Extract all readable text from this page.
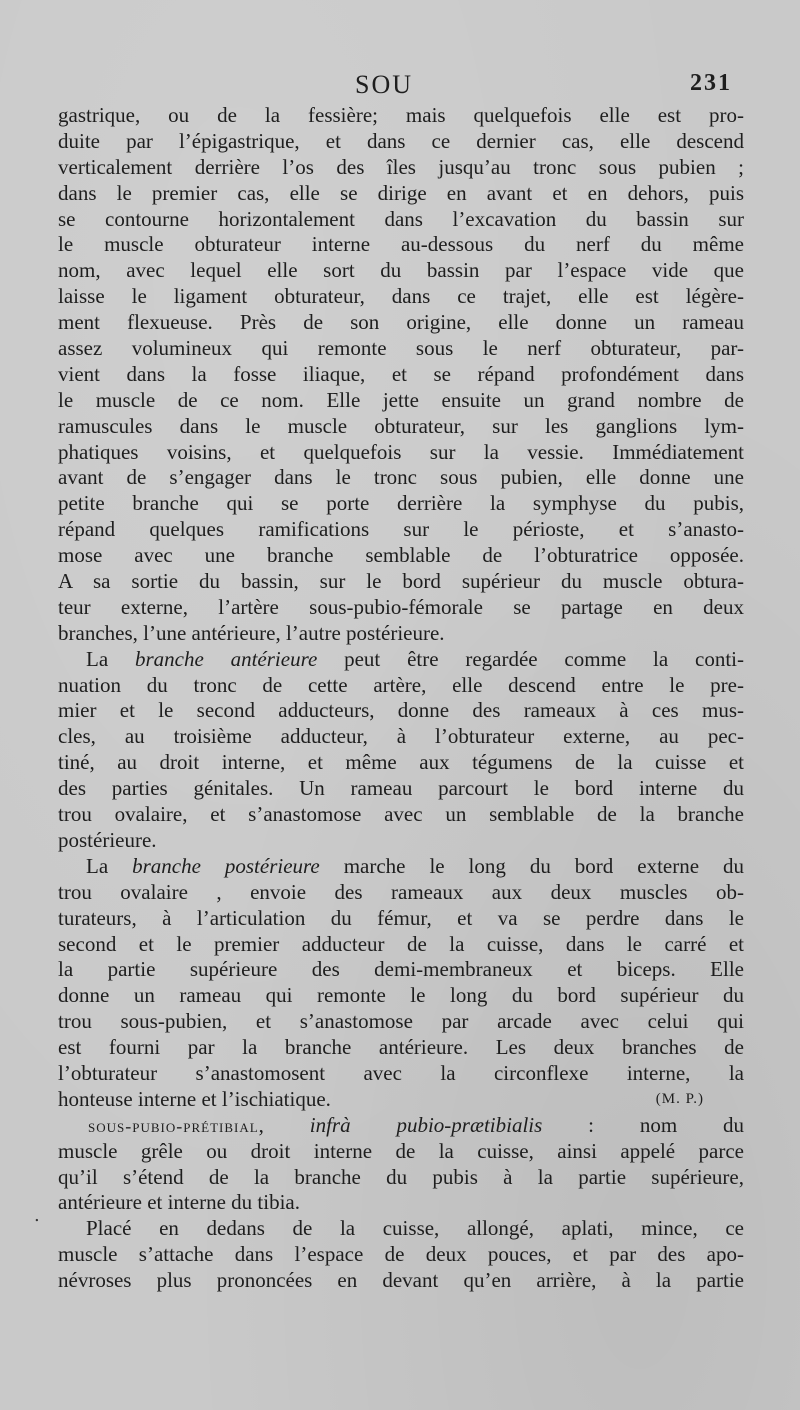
SOU	231
gastrique, ou de la fessière; mais quelquefois elle est pro-
duite par l’épigastrique, et dans ce dernier cas, elle descend
verticalement derrière l’os des îles jusqu’au tronc sous pubien ;
dans le premier cas, elle se dirige en avant et en dehors, puis
se contourne horizontalement dans l’excavation du bassin sur
le muscle obturateur interne au-dessous du nerf du même
nom, avec lequel elle sort du bassin par l’espace vide que
laisse le ligament obturateur, dans ce trajet, elle est légère-
ment flexueuse. Près de son origine, elle donne un rameau
assez volumineux qui remonte sous le nerf obturateur, par-
vient dans la fosse iliaque, et se répand profondément dans
le muscle de ce nom. Elle jette ensuite un grand nombre de
ramuscules dans le muscle obturateur, sur les ganglions lym-
phatiques voisins, et quelquefois sur la vessie. Immédiatement
avant de s’engager dans le tronc sous pubien, elle donne une
petite branche qui se porte derrière la symphyse du pubis,
répand quelques ramifications sur le périoste, et s’anasto-
mose avec une branche semblable de l’obturatrice opposée.
A sa sortie du bassin, sur le bord supérieur du muscle obtura-
teur externe, l’artère sous-pubio-fémorale se partage en deux
branches, l’une antérieure, l’autre postérieure.
La branche antérieure peut être regardée comme la conti-
nuation du tronc de cette artère, elle descend entre le pre-
mier et le second adducteurs, donne des rameaux à ces mus-
cles, au troisième adducteur, à l’obturateur externe, au pec-
tiné, au droit interne, et même aux tégumens de la cuisse et
des parties génitales. Un rameau parcourt le bord interne du
trou ovalaire, et s’anastomose avec un semblable de la branche
postérieure.
La branche postérieure marche le long du bord externe du
trou ovalaire , envoie des rameaux aux deux muscles ob-
turateurs, à l’articulation du fémur, et va se perdre dans le
second et le premier adducteur de la cuisse, dans le carré et
la partie supérieure des demi-membraneux et biceps. Elle
donne un rameau qui remonte le long du bord supérieur du
trou sous-pubien, et s’anastomose par arcade avec celui qui
est fourni par la branche antérieure. Les deux branches de
l’obturateur s’anastomosent avec la circonflexe interne, la
honteuse interne et l’ischiatique.	(M. P.)
sous-pubio-prétibial, infrà pubio-prætibialis : nom du
muscle grêle ou droit interne de la cuisse, ainsi appelé parce
qu’il s’étend de la branche du pubis à la partie supérieure,
antérieure et interne du tibia.
Placé en dedans de la cuisse, allongé, aplati, mince, ce
muscle s’attache dans l’espace de deux pouces, et par des apo-
névroses plus prononcées en devant qu’en arrière, à la partie
.
